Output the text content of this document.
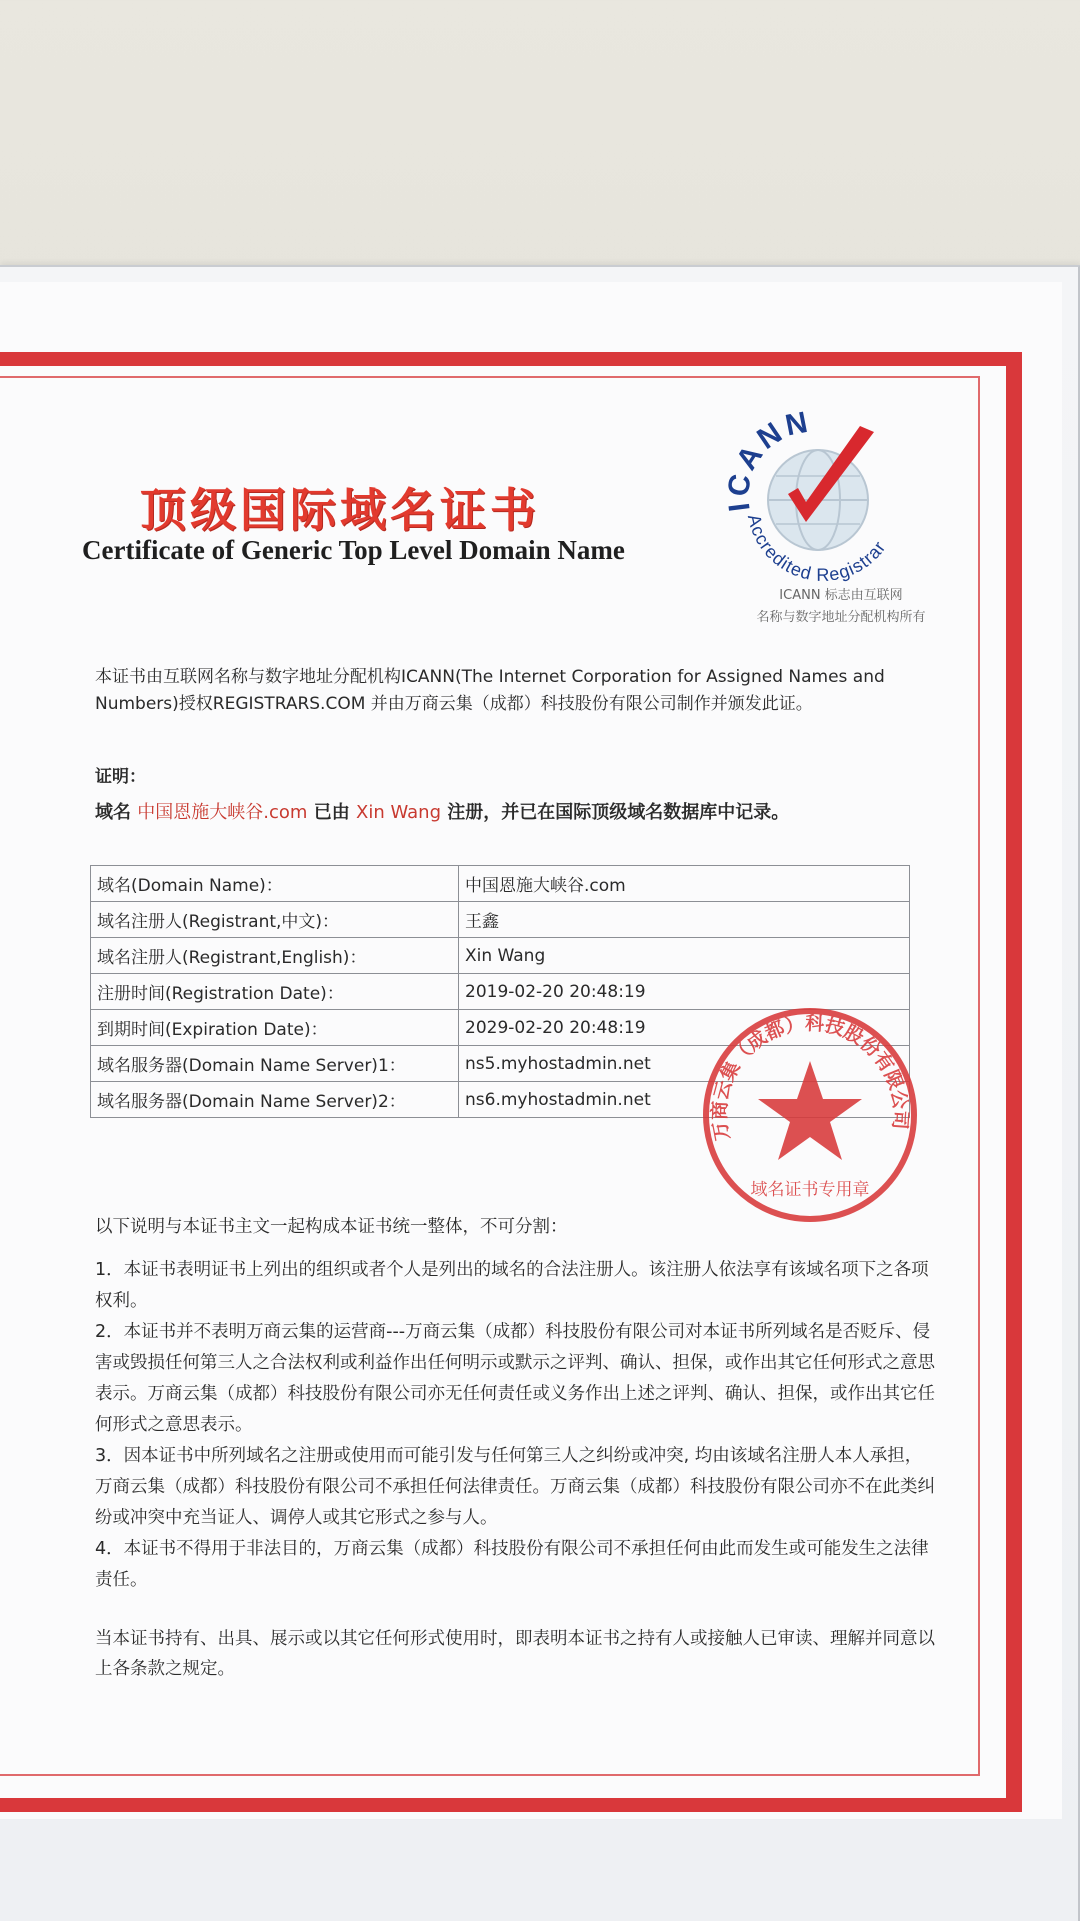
顶级国际域名证书
Certificate of Generic Top Level Domain Name
ICANN
Accredited Registrar
ICANN 标志由互联网
名称与数字地址分配机构所有
本证书由互联网名称与数字地址分配机构ICANN(The Internet Corporation for Assigned Names and Numbers)授权REGISTRARS.COM 并由万商云集（成都）科技股份有限公司制作并颁发此证。
证明：
域名 中国恩施大峡谷.com 已由 Xin Wang 注册，并已在国际顶级域名数据库中记录。
域名(Domain Name)：	中国恩施大峡谷.com
域名注册人(Registrant,中文)：	王鑫
域名注册人(Registrant,English)：	Xin Wang
注册时间(Registration Date)：	2019-02-20 20:48:19
到期时间(Expiration Date)：	2029-02-20 20:48:19
域名服务器(Domain Name Server)1：	ns5.myhostadmin.net
域名服务器(Domain Name Server)2：	ns6.myhostadmin.net
万商云集（成都）科技股份有限公司
域名证书专用章

以下说明与本证书主文一起构成本证书统一整体，不可分割：

1．本证书表明证书上列出的组织或者个人是列出的域名的合法注册人。该注册人依法享有该域名项下之各项权利。

2．本证书并不表明万商云集的运营商---万商云集（成都）科技股份有限公司对本证书所列域名是否贬斥、侵害或毁损任何第三人之合法权利或利益作出任何明示或默示之评判、确认、担保，或作出其它任何形式之意思表示。万商云集（成都）科技股份有限公司亦无任何责任或义务作出上述之评判、确认、担保，或作出其它任何形式之意思表示。

3．因本证书中所列域名之注册或使用而可能引发与任何第三人之纠纷或冲突, 均由该域名注册人本人承担，万商云集（成都）科技股份有限公司不承担任何法律责任。万商云集（成都）科技股份有限公司亦不在此类纠纷或冲突中充当证人、调停人或其它形式之参与人。

4．本证书不得用于非法目的，万商云集（成都）科技股份有限公司不承担任何由此而发生或可能发生之法律责任。

当本证书持有、出具、展示或以其它任何形式使用时，即表明本证书之持有人或接触人已审读、理解并同意以上各条款之规定。
